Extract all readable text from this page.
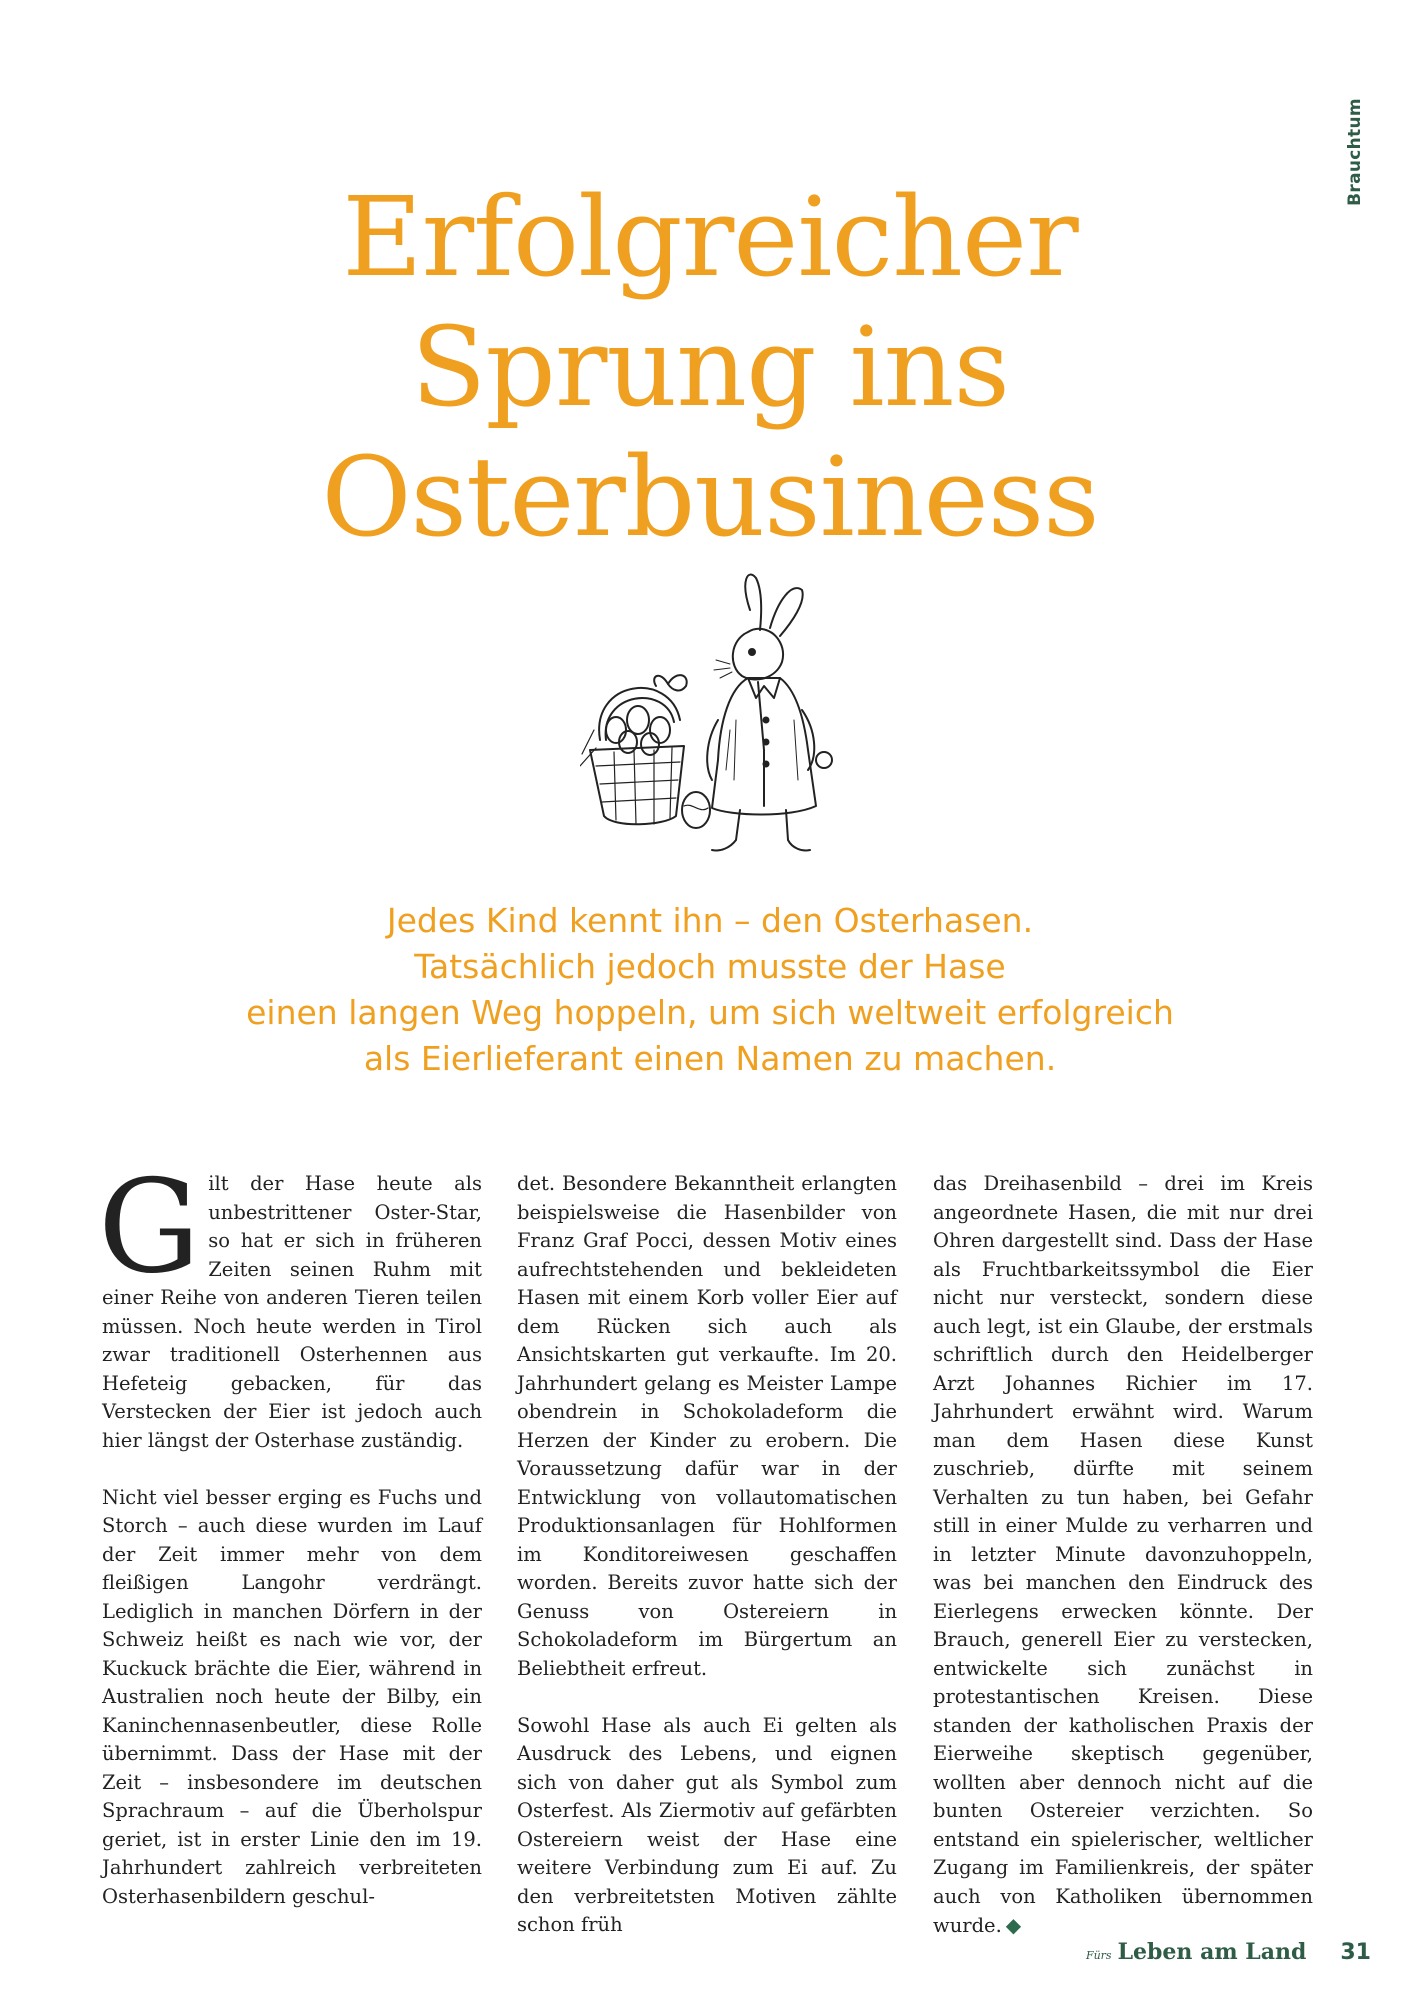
Brauchtum
Erfolgreicher
Sprung ins
Osterbusiness
Jedes Kind kennt ihn – den Osterhasen.
Tatsächlich jedoch musste der Hase
einen langen Weg hoppeln, um sich weltweit erfolgreich
als Eierlieferant einen Namen zu machen.

Gilt der Hase heute als unbestrittener Oster-Star, so hat er sich in früheren Zeiten seinen Ruhm mit einer Reihe von anderen Tieren teilen müssen. Noch heute werden in Tirol zwar traditionell Osterhennen aus Hefeteig gebacken, für das Verstecken der Eier ist jedoch auch hier längst der Osterhase zuständig.

Nicht viel besser erging es Fuchs und Storch – auch diese wurden im Lauf der Zeit immer mehr von dem fleißigen Langohr verdrängt. Lediglich in manchen Dörfern in der Schweiz heißt es nach wie vor, der Kuckuck brächte die Eier, während in Australien noch heute der Bilby, ein Kaninchennasenbeutler, diese Rolle übernimmt. Dass der Hase mit der Zeit – insbesondere im deutschen Sprachraum – auf die Überholspur geriet, ist in erster Linie den im 19. Jahrhundert zahlreich verbreiteten Osterhasenbildern geschul-

det. Besondere Bekanntheit erlangten beispielsweise die Hasenbilder von Franz Graf Pocci, dessen Motiv eines aufrechtstehenden und bekleideten Hasen mit einem Korb voller Eier auf dem Rücken sich auch als Ansichtskarten gut verkaufte. Im 20. Jahrhundert gelang es Meister Lampe obendrein in Schokoladeform die Herzen der Kinder zu erobern. Die Voraussetzung dafür war in der Entwicklung von vollautomatischen Produktionsanlagen für Hohlformen im Konditoreiwesen geschaffen worden. Bereits zuvor hatte sich der Genuss von Ostereiern in Schokoladeform im Bürgertum an Beliebtheit erfreut.

Sowohl Hase als auch Ei gelten als Ausdruck des Lebens, und eignen sich von daher gut als Symbol zum Osterfest. Als Ziermotiv auf gefärbten Ostereiern weist der Hase eine weitere Verbindung zum Ei auf. Zu den verbreitetsten Motiven zählte schon früh

das Dreihasenbild – drei im Kreis angeordnete Hasen, die mit nur drei Ohren dargestellt sind. Dass der Hase als Fruchtbarkeitssymbol die Eier nicht nur versteckt, sondern diese auch legt, ist ein Glaube, der erstmals schriftlich durch den Heidelberger Arzt Johannes Richier im 17. Jahrhundert erwähnt wird. Warum man dem Hasen diese Kunst zuschrieb, dürfte mit seinem Verhalten zu tun haben, bei Gefahr still in einer Mulde zu verharren und in letzter Minute davonzuhoppeln, was bei manchen den Eindruck des Eierlegens erwecken könnte. Der Brauch, generell Eier zu verstecken, entwickelte sich zunächst in protestantischen Kreisen. Diese standen der katholischen Praxis der Eierweihe skeptisch gegenüber, wollten aber dennoch nicht auf die bunten Ostereier verzichten. So entstand ein spielerischer, weltlicher Zugang im Familienkreis, der später auch von Katholiken übernommen wurde. ◆

Fürs Leben am Land 31
